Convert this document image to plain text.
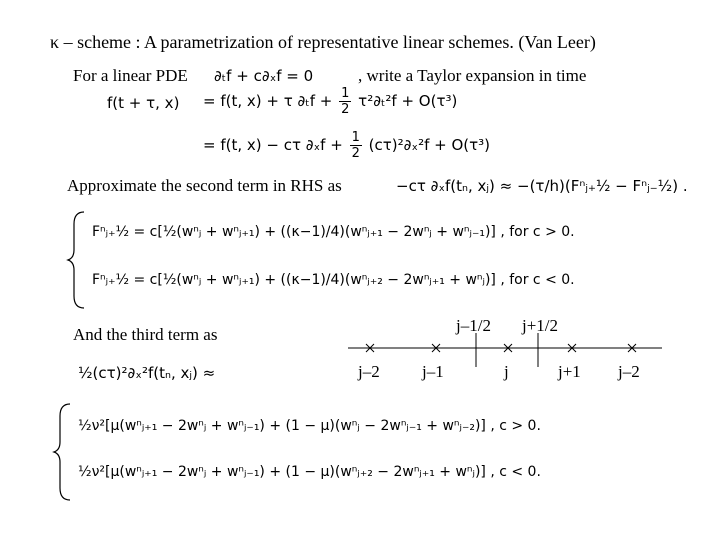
κ – scheme : A parametrization of representative linear schemes. (Van Leer)
For a linear PDE ∂ₜf + c∂ₓf = 0	, write a Taylor expansion in time
f(t + τ, x) = f(t, x) + τ $\partial_tf + \frac{1}{2} \tau^2\partial_t^2f + O(\tau^3)$
= f(t, x) − cτ $\partial_xf + \frac{1}{2} (c\tau)^2\partial_x^2f + O(\tau^3)$
Approximate the second term in RHS as	−cτ ∂ₓf(tₙ, xⱼ) ≈ −(τ/h)(Fⁿⱼ₊½ − Fⁿⱼ₋½) .
Fⁿⱼ₊½ = c[½(wⁿⱼ + wⁿⱼ₊₁) + ((κ−1)/4)(wⁿⱼ₊₁ − 2wⁿⱼ + wⁿⱼ₋₁)] , for c > 0.
Fⁿⱼ₊½ = c[½(wⁿⱼ + wⁿⱼ₊₁) + ((κ−1)/4)(wⁿⱼ₊₂ − 2wⁿⱼ₊₁ + wⁿⱼ)] , for c < 0.
And the third term as
½(cτ)²∂ₓ²f(tₙ, xⱼ) ≈
j–1/2 j+1/2
j–2 j–1	j	j+1 j–2
½ν²[μ(wⁿⱼ₊₁ − 2wⁿⱼ + wⁿⱼ₋₁) + (1 − μ)(wⁿⱼ − 2wⁿⱼ₋₁ + wⁿⱼ₋₂)] , c > 0.
½ν²[μ(wⁿⱼ₊₁ − 2wⁿⱼ + wⁿⱼ₋₁) + (1 − μ)(wⁿⱼ₊₂ − 2wⁿⱼ₊₁ + wⁿⱼ)] , c < 0.
